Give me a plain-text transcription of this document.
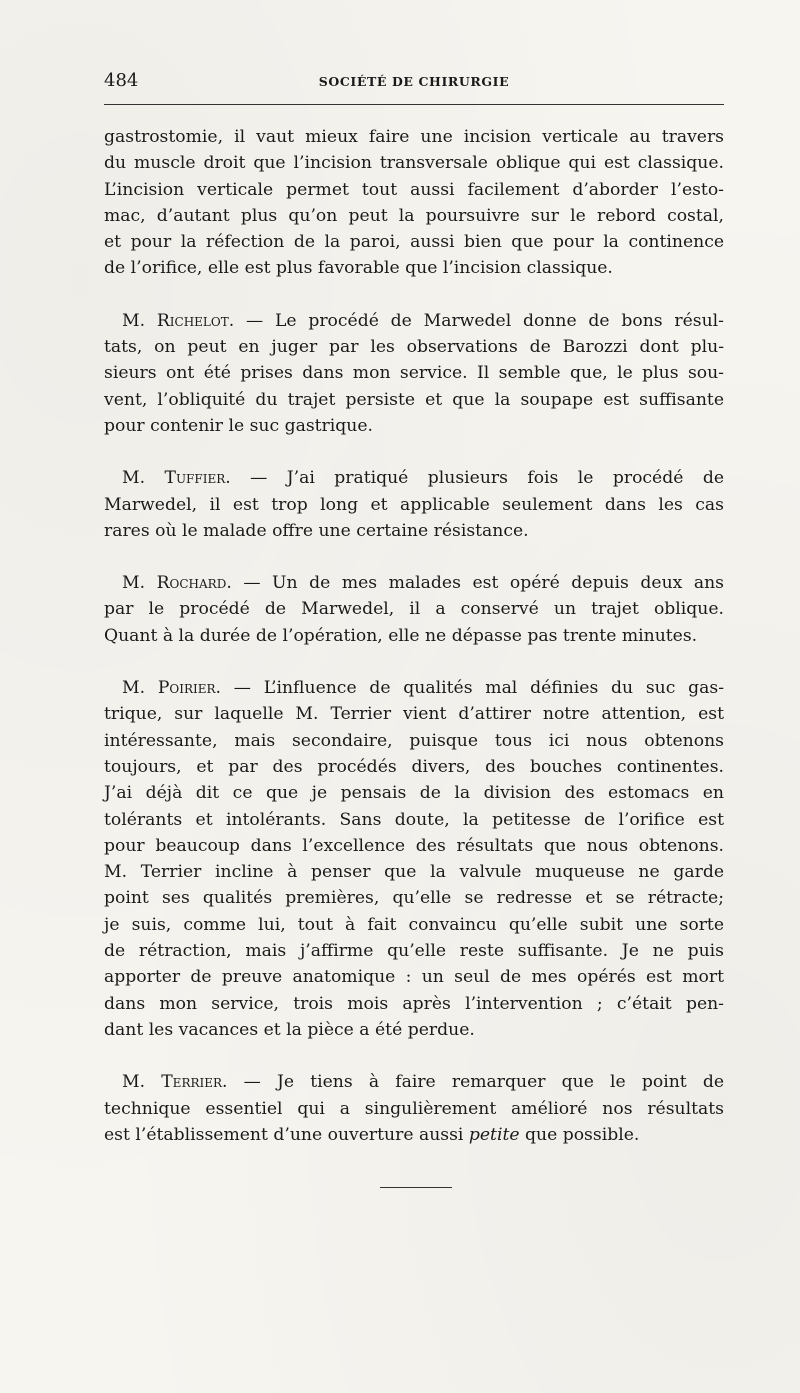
484	SOCIÉTÉ DE CHIRURGIE
gastrostomie, il vaut mieux faire une incision verticale au travers
du muscle droit que l’incision transversale oblique qui est classique.
L’incision verticale permet tout aussi facilement d’aborder l’esto-
mac, d’autant plus qu’on peut la poursuivre sur le rebord costal,
et pour la réfection de la paroi, aussi bien que pour la continence
de l’orifice, elle est plus favorable que l’incision classique.
M. Richelot. — Le procédé de Marwedel donne de bons résul-
tats, on peut en juger par les observations de Barozzi dont plu-
sieurs ont été prises dans mon service. Il semble que, le plus sou-
vent, l’obliquité du trajet persiste et que la soupape est suffisante
pour contenir le suc gastrique.
M. Tuffier. — J’ai pratiqué plusieurs fois le procédé de
Marwedel, il est trop long et applicable seulement dans les cas
rares où le malade offre une certaine résistance.
M. Rochard. — Un de mes malades est opéré depuis deux ans
par le procédé de Marwedel, il a conservé un trajet oblique.
Quant à la durée de l’opération, elle ne dépasse pas trente minutes.
M. Poirier. — L’influence de qualités mal définies du suc gas-
trique, sur laquelle M. Terrier vient d’attirer notre attention, est
intéressante, mais secondaire, puisque tous ici nous obtenons
toujours, et par des procédés divers, des bouches continentes.
J’ai déjà dit ce que je pensais de la division des estomacs en
tolérants et intolérants. Sans doute, la petitesse de l’orifice est
pour beaucoup dans l’excellence des résultats que nous obtenons.
M. Terrier incline à penser que la valvule muqueuse ne garde
point ses qualités premières, qu’elle se redresse et se rétracte;
je suis, comme lui, tout à fait convaincu qu’elle subit une sorte
de rétraction, mais j’affirme qu’elle reste suffisante. Je ne puis
apporter de preuve anatomique : un seul de mes opérés est mort
dans mon service, trois mois après l’intervention ; c’était pen-
dant les vacances et la pièce a été perdue.
M. Terrier. — Je tiens à faire remarquer que le point de
technique essentiel qui a singulièrement amélioré nos résultats
est l’établissement d’une ouverture aussi petite que possible.
